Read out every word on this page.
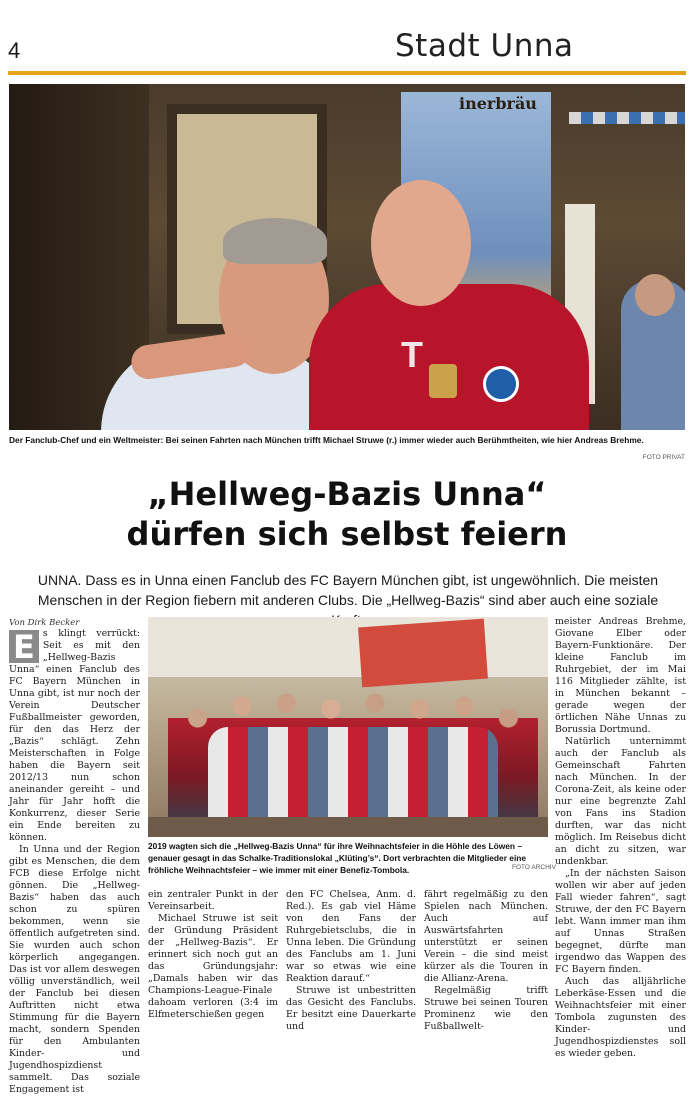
4	Stadt Unna
inerbräu
T
Der Fanclub-Chef und ein Weltmeister: Bei seinen Fahrten nach München trifft Michael Struwe (r.) immer wieder auch Berühmtheiten, wie hier Andreas Brehme.
FOTO PRIVAT
„Hellweg-Bazis Unna“
dürfen sich selbst feiern
UNNA. Dass es in Unna einen Fanclub des FC Bayern München gibt, ist ungewöhnlich. Die meisten Menschen in der Region fiebern mit anderen Clubs. Die „Hellweg-Bazis“ sind aber auch eine soziale
Von Dirk Becker

E s klingt verrückt: Seit es mit den „Hellweg-Bazis Unna“ einen Fanclub des FC Bayern München in Unna gibt, ist nur noch der Verein Deutscher Fußballmeister geworden, für den das Herz der „Bazis“ schlägt. Zehn Meisterschaften in Folge haben die Bayern seit 2012/13 nun schon aneinander gereiht – und Jahr für Jahr hofft die Konkurrenz, dieser Serie ein Ende bereiten zu können.

In Unna und der Region gibt es Menschen, die dem FCB diese Erfolge nicht gönnen. Die „Hellweg-Bazis“ haben das auch schon zu spüren bekommen, wenn sie öffentlich aufgetreten sind. Sie wurden auch schon körperlich angegangen. Das ist vor allem deswegen völlig unverständlich, weil der Fanclub bei diesen Auftritten nicht etwa Stimmung für die Bayern macht, sondern Spenden für den Ambulanten Kinder- und Jugendhospizdienst sammelt. Das soziale Engagement ist

2019 wagten sich die „Hellweg-Bazis Unna“ für ihre Weihnachtsfeier in die Höhle des Löwen – genauer gesagt in das Schalke-Traditionslokal „Klüting’s“. Dort verbrachten die Mitglieder eine fröhliche Weihnachtsfeier – wie immer mit einer Benefiz-Tombola.	FOTO ARCHIV

ein zentraler Punkt in der Vereinsarbeit.

Michael Struwe ist seit der Gründung Präsident der „Hellweg-Bazis“. Er erinnert sich noch gut an das Gründungsjahr: „Damals haben wir das Champions-League-Finale dahoam verloren (3:4 im Elfmeterschießen gegen

den FC Chelsea, Anm. d. Red.). Es gab viel Häme von den Fans der Ruhrgebietsclubs, die in Unna leben. Die Gründung des Fanclubs am 1. Juni war so etwas wie eine Reaktion darauf.“

Struwe ist unbestritten das Gesicht des Fanclubs. Er besitzt eine Dauerkarte und

fährt regelmäßig zu den Spielen nach München. Auch auf Auswärtsfahrten unterstützt er seinen Verein – die sind meist kürzer als die Touren in die Allianz-Arena.

Regelmäßig trifft Struwe bei seinen Touren Prominenz wie den Fußballwelt-

meister Andreas Brehme, Giovane Elber oder Bayern-Funktionäre. Der kleine Fanclub im Ruhrgebiet, der im Mai 116 Mitglieder zählte, ist in München bekannt – gerade wegen der örtlichen Nähe Unnas zu Borussia Dortmund.

Natürlich unternimmt auch der Fanclub als Gemeinschaft Fahrten nach München. In der Corona-Zeit, als keine oder nur eine begrenzte Zahl von Fans ins Stadion durften, war das nicht möglich. Im Reisebus dicht an dicht zu sitzen, war undenkbar.

„In der nächsten Saison wollen wir aber auf jeden Fall wieder fahren“, sagt Struwe, der den FC Bayern lebt. Wann immer man ihm auf Unnas Straßen begegnet, dürfte man irgendwo das Wappen des FC Bayern finden.

Auch das alljährliche Leberkäse-Essen und die Weihnachtsfeier mit einer Tombola zugunsten des Kinder- und Jugendhospizdienstes soll es wieder geben.
